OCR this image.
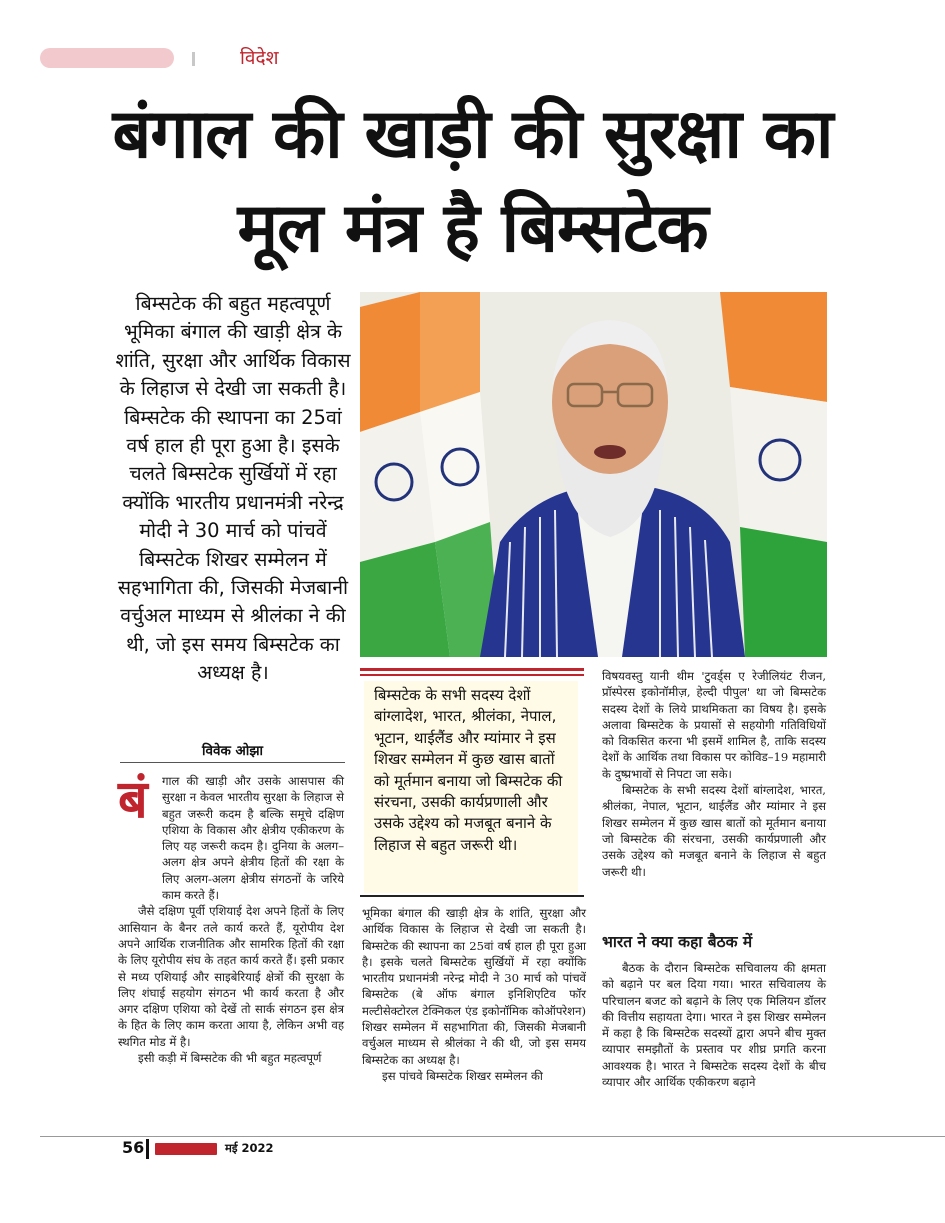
विदेश
बंगाल की खाड़ी की सुरक्षा का
मूल मंत्र है बिम्सटेक
बिम्सटेक की बहुत महत्वपूर्ण भूमिका बंगाल की खाड़ी क्षेत्र के शांति, सुरक्षा और आर्थिक विकास के लिहाज से देखी जा सकती है। बिम्सटेक की स्थापना का 25वां वर्ष हाल ही पूरा हुआ है। इसके चलते बिम्सटेक सुर्खियों में रहा क्योंकि भारतीय प्रधानमंत्री नरेन्द्र मोदी ने 30 मार्च को पांचवें बिम्सटेक शिखर सम्मेलन में सहभागिता की, जिसकी मेजबानी वर्चुअल माध्यम से श्रीलंका ने की थी, जो इस समय बिम्सटेक का अध्यक्ष है।
विवेक ओझा
बं	गाल की खाड़ी और उसके आसपास की सुरक्षा न केवल भारतीय सुरक्षा के लिहाज से बहुत जरूरी कदम है बल्कि समूचे दक्षिण एशिया के विकास और क्षेत्रीय एकीकरण के लिए यह जरूरी कदम है। दुनिया के अलग–अलग क्षेत्र अपने क्षेत्रीय हितों की रक्षा के लिए अलग-अलग क्षेत्रीय संगठनों के जरिये काम करते हैं।

जैसे दक्षिण पूर्वी एशियाई देश अपने हितों के लिए आसियान के बैनर तले कार्य करते हैं, यूरोपीय देश अपने आर्थिक राजनीतिक और सामरिक हितों की रक्षा के लिए यूरोपीय संघ के तहत कार्य करते हैं। इसी प्रकार से मध्य एशियाई और साइबेरियाई क्षेत्रों की सुरक्षा के लिए शंघाई सहयोग संगठन भी कार्य करता है और अगर दक्षिण एशिया को देखें तो सार्क संगठन इस क्षेत्र के हित के लिए काम करता आया है, लेकिन अभी वह स्थगित मोड में है।

इसी कड़ी में बिम्सटेक की भी बहुत महत्वपूर्ण

बिम्सटेक के सभी सदस्य देशों बांग्लादेश, भारत, श्रीलंका, नेपाल, भूटान, थाईलैंड और म्यांमार ने इस शिखर सम्मेलन में कुछ खास बातों को मूर्तमान बनाया जो बिम्सटेक की संरचना, उसकी कार्यप्रणाली और उसके उद्देश्य को मजबूत बनाने के लिहाज से बहुत जरूरी थी।

भूमिका बंगाल की खाड़ी क्षेत्र के शांति, सुरक्षा और आर्थिक विकास के लिहाज से देखी जा सकती है। बिम्सटेक की स्थापना का 25वां वर्ष हाल ही पूरा हुआ है। इसके चलते बिम्सटेक सुर्खियों में रहा क्योंकि भारतीय प्रधानमंत्री नरेन्द्र मोदी ने 30 मार्च को पांचवें बिम्सटेक (बे ऑफ बंगाल इनिशिएटिव फॉर मल्टीसेक्टोरल टेक्निकल एंड इकोनॉमिक कोऑपरेशन) शिखर सम्मेलन में सहभागिता की, जिसकी मेजबानी वर्चुअल माध्यम से श्रीलंका ने की थी, जो इस समय बिम्सटेक का अध्यक्ष है।

इस पांचवे बिम्सटेक शिखर सम्मेलन की

विषयवस्तु यानी थीम 'टुवर्ड्स ए रेजीलियंट रीजन, प्रॉस्पेरस इकोनॉमीज़, हेल्दी पीपुल' था जो बिम्सटेक सदस्य देशों के लिये प्राथमिकता का विषय है। इसके अलावा बिम्सटेक के प्रयासों से सहयोगी गतिविधियों को विकसित करना भी इसमें शामिल है, ताकि सदस्य देशों के आर्थिक तथा विकास पर कोविड–19 महामारी के दुष्प्रभावों से निपटा जा सके।

बिम्सटेक के सभी सदस्य देशों बांग्लादेश, भारत, श्रीलंका, नेपाल, भूटान, थाईलैंड और म्यांमार ने इस शिखर सम्मेलन में कुछ खास बातों को मूर्तमान बनाया जो बिम्सटेक की संरचना, उसकी कार्यप्रणाली और उसके उद्देश्य को मजबूत बनाने के लिहाज से बहुत जरूरी थी।

भारत ने क्या कहा बैठक में

बैठक के दौरान बिम्सटेक सचिवालय की क्षमता को बढ़ाने पर बल दिया गया। भारत सचिवालय के परिचालन बजट को बढ़ाने के लिए एक मिलियन डॉलर की वित्तीय सहायता देगा। भारत ने इस शिखर सम्मेलन में कहा है कि बिम्सटेक सदस्यों द्वारा अपने बीच मुक्त व्यापार समझौतों के प्रस्ताव पर शीघ्र प्रगति करना आवश्यक है। भारत ने बिम्सटेक सदस्य देशों के बीच व्यापार और आर्थिक एकीकरण बढ़ाने

56	मई 2022
